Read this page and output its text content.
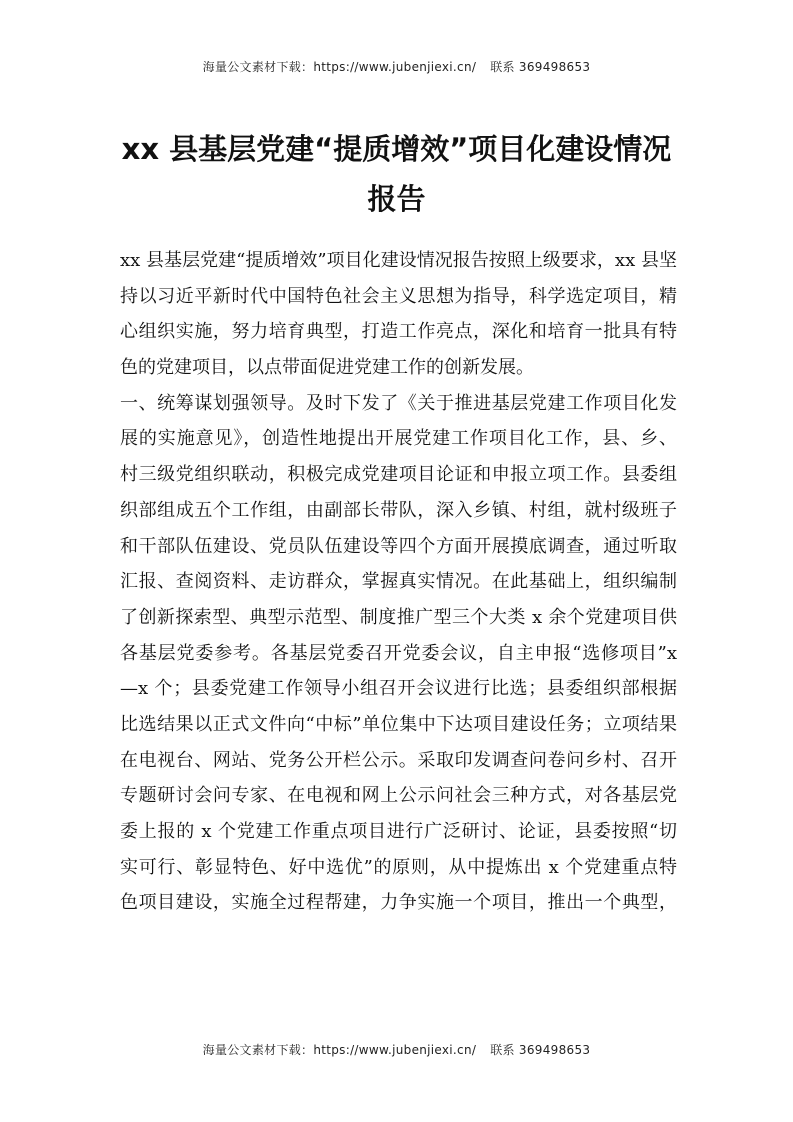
海量公文素材下载：https://www.jubenjiexi.cn/ 联系 369498653
xx 县基层党建“提质增效”项目化建设情况
报告

xx 县基层党建“提质增效”项目化建设情况报告按照上级要求，xx 县坚
持以习近平新时代中国特色社会主义思想为指导，科学选定项目，精
心组织实施，努力培育典型，打造工作亮点，深化和培育一批具有特
色的党建项目，以点带面促进党建工作的创新发展。

一、统筹谋划强领导。及时下发了《关于推进基层党建工作项目化发
展的实施意见》，创造性地提出开展党建工作项目化工作，县、乡、
村三级党组织联动，积极完成党建项目论证和申报立项工作。县委组
织部组成五个工作组，由副部长带队，深入乡镇、村组，就村级班子
和干部队伍建设、党员队伍建设等四个方面开展摸底调查，通过听取
汇报、查阅资料、走访群众，掌握真实情况。在此基础上，组织编制
了创新探索型、典型示范型、制度推广型三个大类 x 余个党建项目供
各基层党委参考。各基层党委召开党委会议，自主申报“选修项目”x
—x 个；县委党建工作领导小组召开会议进行比选；县委组织部根据
比选结果以正式文件向“中标”单位集中下达项目建设任务；立项结果
在电视台、网站、党务公开栏公示。采取印发调查问卷问乡村、召开
专题研讨会问专家、在电视和网上公示问社会三种方式，对各基层党
委上报的 x 个党建工作重点项目进行广泛研讨、论证，县委按照“切
实可行、彰显特色、好中选优”的原则，从中提炼出 x 个党建重点特
色项目建设，实施全过程帮建，力争实施一个项目，推出一个典型，

海量公文素材下载：https://www.jubenjiexi.cn/ 联系 369498653
